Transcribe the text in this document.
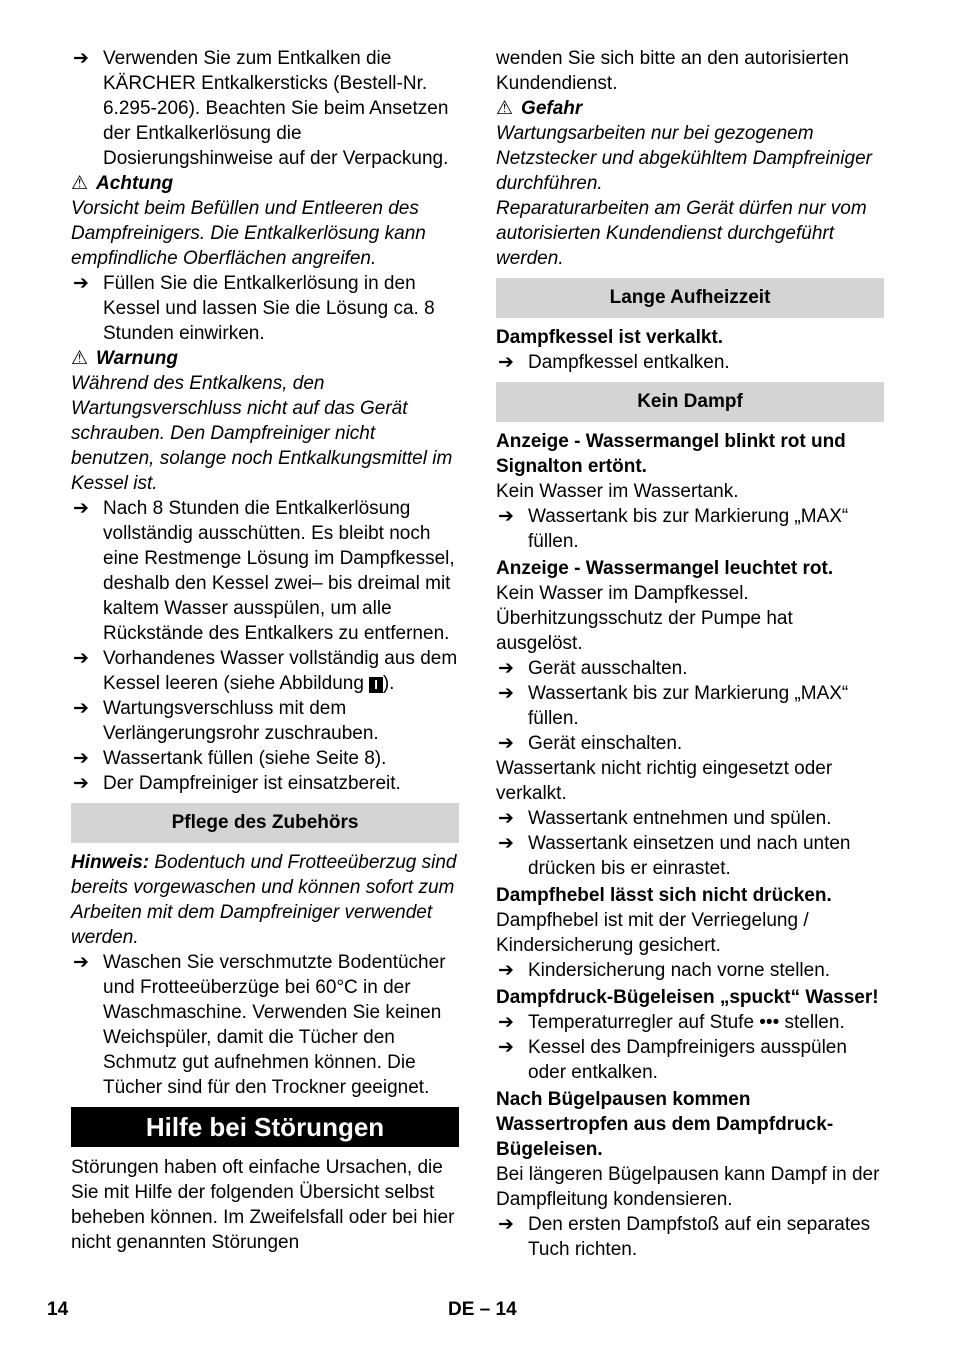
➔ Verwenden Sie zum Entkalken die KÄRCHER Entkalkersticks (Bestell-Nr. 6.295-206). Beachten Sie beim Ansetzen der Entkalkerlösung die Dosierungshinweise auf der Verpackung.

⚠ Achtung

Vorsicht beim Befüllen und Entleeren des Dampfreinigers. Die Entkalkerlösung kann empfindliche Oberflächen angreifen.

➔ Füllen Sie die Entkalkerlösung in den Kessel und lassen Sie die Lösung ca. 8 Stunden einwirken.

⚠ Warnung

Während des Entkalkens, den Wartungsverschluss nicht auf das Gerät schrauben. Den Dampfreiniger nicht benutzen, solange noch Entkalkungsmittel im Kessel ist.

➔ Nach 8 Stunden die Entkalkerlösung vollständig ausschütten. Es bleibt noch eine Restmenge Lösung im Dampfkessel, deshalb den Kessel zwei– bis dreimal mit kaltem Wasser ausspülen, um alle Rückstände des Entkalkers zu entfernen.

➔ Vorhandenes Wasser vollständig aus dem Kessel leeren (siehe Abbildung I ).

➔ Wartungsverschluss mit dem Verlängerungsrohr zuschrauben.

➔ Wassertank füllen (siehe Seite 8).

➔ Der Dampfreiniger ist einsatzbereit.

Pflege des Zubehörs

Hinweis: Bodentuch und Frotteeüberzug sind bereits vorgewaschen und können sofort zum Arbeiten mit dem Dampfreiniger verwendet werden.

➔ Waschen Sie verschmutzte Bodentücher und Frotteeüberzüge bei 60°C in der Waschmaschine. Verwenden Sie keinen Weichspüler, damit die Tücher den Schmutz gut aufnehmen können. Die Tücher sind für den Trockner geeignet.

Hilfe bei Störungen

Störungen haben oft einfache Ursachen, die Sie mit Hilfe der folgenden Übersicht selbst beheben können. Im Zweifelsfall oder bei hier nicht genannten Störungen

wenden Sie sich bitte an den autorisierten Kundendienst.

⚠ Gefahr

Wartungsarbeiten nur bei gezogenem Netzstecker und abgekühltem Dampfreiniger durchführen.

Reparaturarbeiten am Gerät dürfen nur vom autorisierten Kundendienst durchgeführt werden.

Lange Aufheizzeit

Dampfkessel ist verkalkt.

➔ Dampfkessel entkalken.

Kein Dampf

Anzeige - Wassermangel blinkt rot und Signalton ertönt.

Kein Wasser im Wassertank.

➔ Wassertank bis zur Markierung „MAX“ füllen.

Anzeige - Wassermangel leuchtet rot.

Kein Wasser im Dampfkessel. Überhitzungsschutz der Pumpe hat ausgelöst.

➔ Gerät ausschalten.

➔ Wassertank bis zur Markierung „MAX“ füllen.

➔ Gerät einschalten.

Wassertank nicht richtig eingesetzt oder verkalkt.

➔ Wassertank entnehmen und spülen.

➔ Wassertank einsetzen und nach unten drücken bis er einrastet.

Dampfhebel lässt sich nicht drücken.

Dampfhebel ist mit der Verriegelung / Kindersicherung gesichert.

➔ Kindersicherung nach vorne stellen.

Dampfdruck-Bügeleisen „spuckt“ Wasser!

➔ Temperaturregler auf Stufe ••• stellen.

➔ Kessel des Dampfreinigers ausspülen oder entkalken.

Nach Bügelpausen kommen Wassertropfen aus dem Dampfdruck-Bügeleisen.

Bei längeren Bügelpausen kann Dampf in der Dampfleitung kondensieren.

➔ Den ersten Dampfstoß auf ein separates Tuch richten.

14	DE – 14
